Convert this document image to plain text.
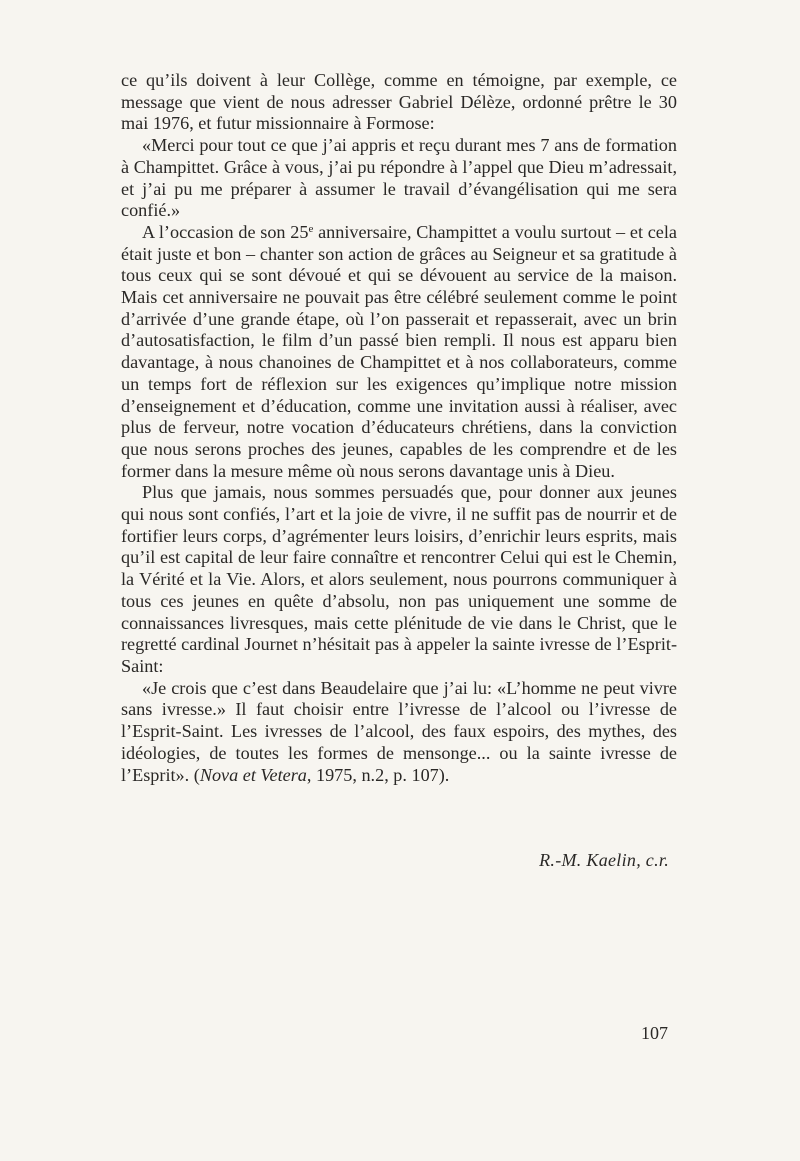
ce qu’ils doivent à leur Collège, comme en témoigne, par exemple, ce message que vient de nous adresser Gabriel Délèze, ordonné prêtre le 30 mai 1976, et futur missionnaire à Formose:

«Merci pour tout ce que j’ai appris et reçu durant mes 7 ans de formation à Champittet. Grâce à vous, j’ai pu répondre à l’appel que Dieu m’adressait, et j’ai pu me préparer à assumer le travail d’évangélisation qui me sera confié.»

A l’occasion de son 25e anniversaire, Champittet a voulu surtout – et cela était juste et bon – chanter son action de grâces au Seigneur et sa gratitude à tous ceux qui se sont dévoué et qui se dévouent au service de la maison. Mais cet anniversaire ne pouvait pas être célébré seulement comme le point d’arrivée d’une grande étape, où l’on passerait et repasserait, avec un brin d’autosatisfaction, le film d’un passé bien rempli. Il nous est apparu bien davantage, à nous chanoines de Champittet et à nos collaborateurs, comme un temps fort de réflexion sur les exigences qu’implique notre mission d’enseignement et d’éducation, comme une invitation aussi à réaliser, avec plus de ferveur, notre vocation d’éducateurs chrétiens, dans la conviction que nous serons proches des jeunes, capables de les comprendre et de les former dans la mesure même où nous serons davantage unis à Dieu.

Plus que jamais, nous sommes persuadés que, pour donner aux jeunes qui nous sont confiés, l’art et la joie de vivre, il ne suffit pas de nourrir et de fortifier leurs corps, d’agrémenter leurs loisirs, d’enrichir leurs esprits, mais qu’il est capital de leur faire connaître et rencontrer Celui qui est le Chemin, la Vérité et la Vie. Alors, et alors seulement, nous pourrons communiquer à tous ces jeunes en quête d’absolu, non pas uniquement une somme de connaissances livresques, mais cette plénitude de vie dans le Christ, que le regretté cardinal Journet n’hésitait pas à appeler la sainte ivresse de l’Esprit-Saint:

«Je crois que c’est dans Beaudelaire que j’ai lu: «L’homme ne peut vivre sans ivresse.» Il faut choisir entre l’ivresse de l’alcool ou l’ivresse de l’Esprit-Saint. Les ivresses de l’alcool, des faux espoirs, des mythes, des idéologies, de toutes les formes de mensonge... ou la sainte ivresse de l’Esprit». (Nova et Vetera, 1975, n.2, p. 107).

R.-M. Kaelin, c.r.
107
